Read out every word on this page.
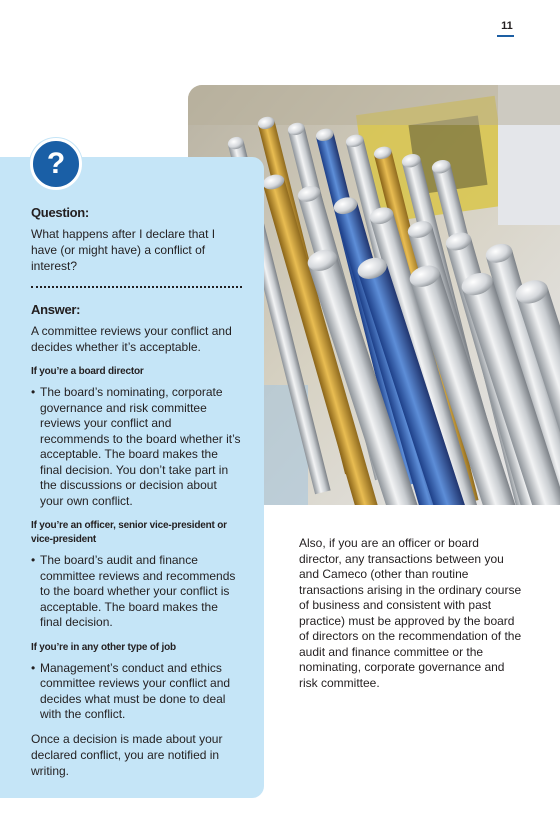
11
?
Question:

What happens after I declare that I have (or might have) a conflict of interest?

Answer:

A committee reviews your conflict and decides whether it’s acceptable.

If you’re a board director

• The board’s nominating, corporate governance and risk committee reviews your conflict and recommends to the board whether it’s acceptable. The board makes the final decision. You don’t take part in the discussions or decision about your own conflict.

If you’re an officer, senior vice-president or vice-president

• The board’s audit and finance committee reviews and recommends to the board whether your conflict is acceptable. The board makes the final decision.

If you’re in any other type of job

• Management’s conduct and ethics committee reviews your conflict and decides what must be done to deal with the conflict.

Once a decision is made about your declared conflict, you are notified in writing.

Also, if you are an officer or board director, any transactions between you and Cameco (other than routine transactions arising in the ordinary course of business and consistent with past practice) must be approved by the board of directors on the recommendation of the audit and finance committee or the nominating, corporate governance and risk committee.
